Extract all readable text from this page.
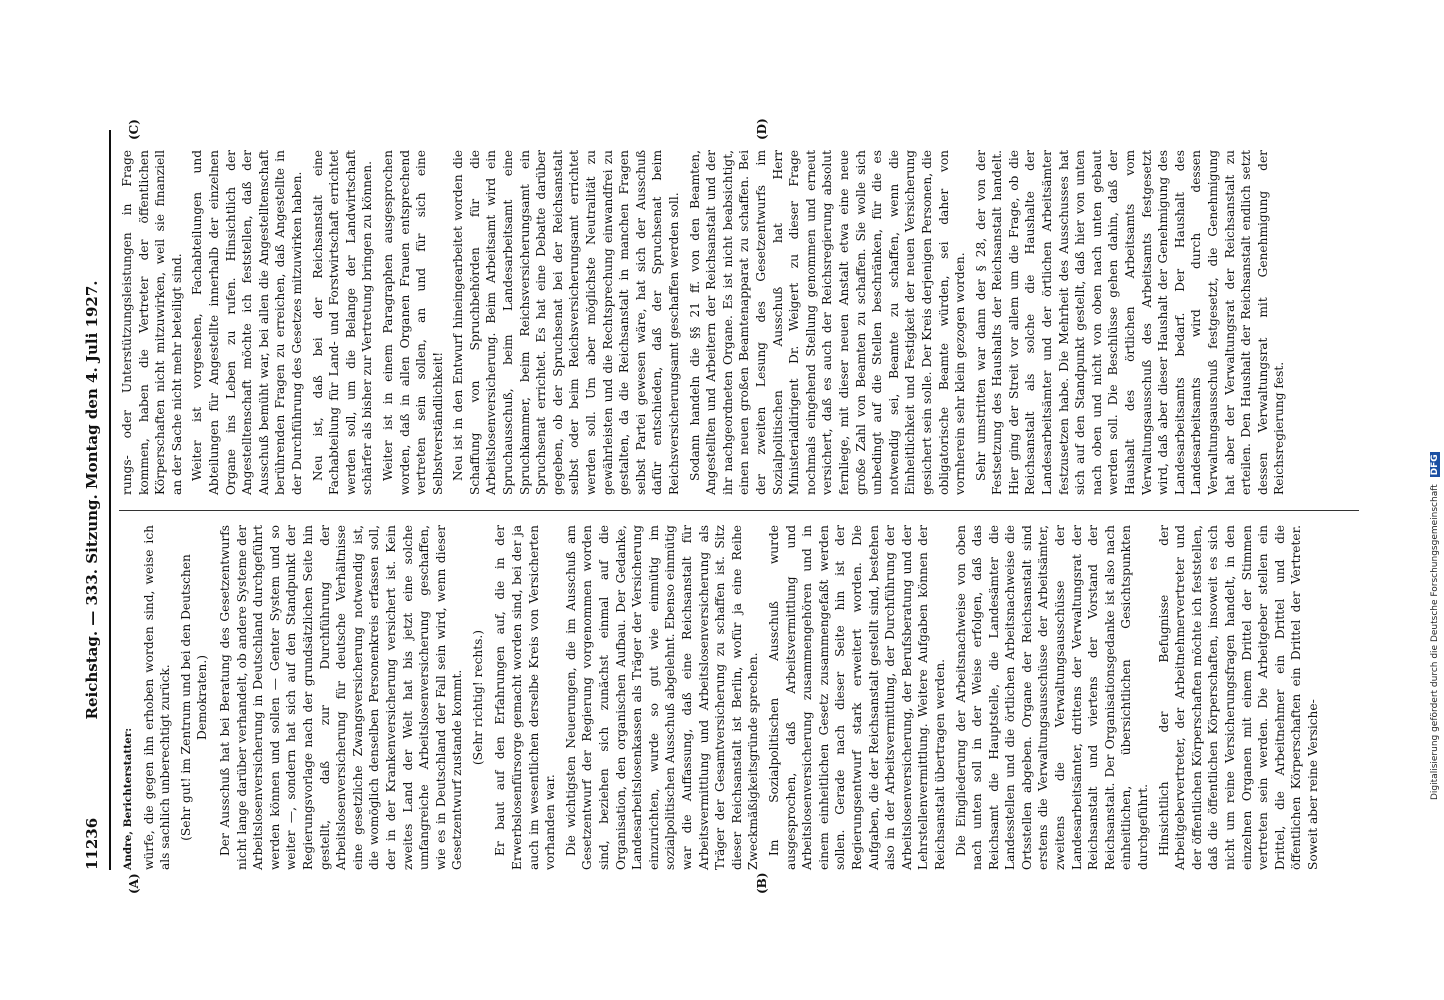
11236
Reichstag. — 333. Sitzung. Montag den 4. Juli 1927.
(A)	(B)
(C)	(D)

Andre, Berichterstatter: würfe, die gegen ihn erhoben worden sind, weise ich als sachlich unberechtigt zurück. (Sehr gut! im Zentrum und bei den Deutschen Demokraten.) Der Ausschuß hat bei Beratung des Gesetzentwurfs nicht lange darüber verhandelt, ob andere Systeme der Arbeitslosenversicherung in Deutschland durchgeführt werden können und sollen — Genter System und so weiter —, sondern hat sich auf den Standpunkt der Regierungsvorlage nach der grundsätzlichen Seite hin gestellt, daß zur Durchführung der Arbeitslosenversicherung für deutsche Verhältnisse eine gesetzliche Zwangsversicherung notwendig ist, die womöglich denselben Personenkreis erfassen soll, der in der Krankenversicherung versichert ist. Kein zweites Land der Welt hat bis jetzt eine solche umfangreiche Arbeitslosenversicherung geschaffen, wie es in Deutschland der Fall sein wird, wenn dieser Gesetzentwurf zustande kommt. (Sehr richtig! rechts.) Er baut auf den Erfahrungen auf, die in der Erwerbslosenfürsorge gemacht worden sind, bei der ja auch im wesentlichen derselbe Kreis von Versicherten vorhanden war. Die wichtigsten Neuerungen, die im Ausschuß am Gesetzentwurf der Regierung vorgenommen worden sind, beziehen sich zunächst einmal auf die Organisation, den organischen Aufbau. Der Gedanke, Landesarbeitslosenkassen als Träger der Versicherung einzurichten, wurde so gut wie einmütig im sozialpolitischen Ausschuß abgelehnt. Ebenso einmütig war die Auffassung, daß eine Reichsanstalt für Arbeitsvermittlung und Arbeitslosenversicherung als Träger der Gesamtversicherung zu schaffen ist. Sitz dieser Reichsanstalt ist Berlin, wofür ja eine Reihe Zweckmäßigkeitsgründe sprechen. Im Sozialpolitischen Ausschuß wurde ausgesprochen, daß Arbeitsvermittlung und Arbeitslosenversicherung zusammengehören und in einem einheitlichen Gesetz zusammengefaßt werden sollen. Gerade nach dieser Seite hin ist der Regierungsentwurf stark erweitert worden. Die Aufgaben, die der Reichsanstalt gestellt sind, bestehen also in der Arbeitsvermittlung, der Durchführung der Arbeitslosenversicherung, der Berufsberatung und der Lehrstellenvermittlung. Weitere Aufgaben können der Reichsanstalt übertragen werden. Die Eingliederung der Arbeitsnachweise von oben nach unten soll in der Weise erfolgen, daß das Reichsamt die Hauptstelle, die Landesämter die Landesstellen und die örtlichen Arbeitsnachweise die Ortsstellen abgeben. Organe der Reichsanstalt sind erstens die Verwaltungsausschüsse der Arbeitsämter, zweitens die Verwaltungsausschüsse der Landesarbeitsämter, drittens der Verwaltungsrat der Reichsanstalt und viertens der Vorstand der Reichsanstalt. Der Organisationsgedanke ist also nach einheitlichen, übersichtlichen Gesichtspunkten durchgeführt. Hinsichtlich der Befugnisse der Arbeitgebervertreter, der Arbeitnehmervertreter und der öffentlichen Körperschaften möchte ich feststellen, daß die öffentlichen Körperschaften, insoweit es sich nicht um reine Versicherungsfragen handelt, in den einzelnen Organen mit einem Drittel der Stimmen vertreten sein werden. Die Arbeitgeber stellen ein Drittel, die Arbeitnehmer ein Drittel und die öffentlichen Körperschaften ein Drittel der Vertreter. Soweit aber reine Versiche-

rungs- oder Unterstützungsleistungen in Frage kommen, haben die Vertreter der öffentlichen Körperschaften nicht mitzuwirken, weil sie finanziell an der Sache nicht mehr beteiligt sind. Weiter ist vorgesehen, Fachabteilungen und Abteilungen für Angestellte innerhalb der einzelnen Organe ins Leben zu rufen. Hinsichtlich der Angestelltenschaft möchte ich feststellen, daß der Ausschuß bemüht war, bei allen die Angestelltenschaft berührenden Fragen zu erreichen, daß Angestellte in der Durchführung des Gesetzes mitzuwirken haben. Neu ist, daß bei der Reichsanstalt eine Fachabteilung für Land- und Forstwirtschaft errichtet werden soll, um die Belange der Landwirtschaft schärfer als bisher zur Vertretung bringen zu können. Weiter ist in einem Paragraphen ausgesprochen worden, daß in allen Organen Frauen entsprechend vertreten sein sollen, an und für sich eine Selbstverständlichkeit! Neu ist in den Entwurf hineingearbeitet worden die Schaffung von Spruchbehörden für die Arbeitslosenversicherung. Beim Arbeitsamt wird ein Spruchausschuß, beim Landesarbeitsamt eine Spruchkammer, beim Reichsversicherungsamt ein Spruchsenat errichtet. Es hat eine Debatte darüber gegeben, ob der Spruchsenat bei der Reichsanstalt selbst oder beim Reichsversicherungsamt errichtet werden soll. Um aber möglichste Neutralität zu gewährleisten und die Rechtsprechung einwandfrei zu gestalten, da die Reichsanstalt in manchen Fragen selbst Partei gewesen wäre, hat sich der Ausschuß dafür entschieden, daß der Spruchsenat beim Reichsversicherungsamt geschaffen werden soll. Sodann handeln die §§ 21 ff. von den Beamten, Angestellten und Arbeitern der Reichsanstalt und der ihr nachgeordneten Organe. Es ist nicht beabsichtigt, einen neuen großen Beamtenapparat zu schaffen. Bei der zweiten Lesung des Gesetzentwurfs im Sozialpolitischen Ausschuß hat Herr Ministerialdirigent Dr. Weigert zu dieser Frage nochmals eingehend Stellung genommen und erneut versichert, daß es auch der Reichsregierung absolut fernliege, mit dieser neuen Anstalt etwa eine neue große Zahl von Beamten zu schaffen. Sie wolle sich unbedingt auf die Stellen beschränken, für die es notwendig sei, Beamte zu schaffen, wenn die Einheitlichkeit und Festigkeit der neuen Versicherung gesichert sein solle. Der Kreis derjenigen Personen, die obligatorische Beamte würden, sei daher von vornherein sehr klein gezogen worden. Sehr umstritten war dann der § 28, der von der Festsetzung des Haushalts der Reichsanstalt handelt. Hier ging der Streit vor allem um die Frage, ob die Reichsanstalt als solche die Haushalte der Landesarbeitsämter und der örtlichen Arbeitsämter festzusetzen habe. Die Mehrheit des Ausschusses hat sich auf den Standpunkt gestellt, daß hier von unten nach oben und nicht von oben nach unten gebaut werden soll. Die Beschlüsse gehen dahin, daß der Haushalt des örtlichen Arbeitsamts vom Verwaltungsausschuß des Arbeitsamts festgesetzt wird, daß aber dieser Haushalt der Genehmigung des Landesarbeitsamts bedarf. Der Haushalt des Landesarbeitsamts wird durch dessen Verwaltungsausschuß festgesetzt, die Genehmigung hat aber der Verwaltungsrat der Reichsanstalt zu erteilen. Den Haushalt der Reichsanstalt endlich setzt dessen Verwaltungsrat mit Genehmigung der Reichsregierung fest.

Digitalisierung gefördert durch die Deutsche Forschungsgemeinschaft DFG
